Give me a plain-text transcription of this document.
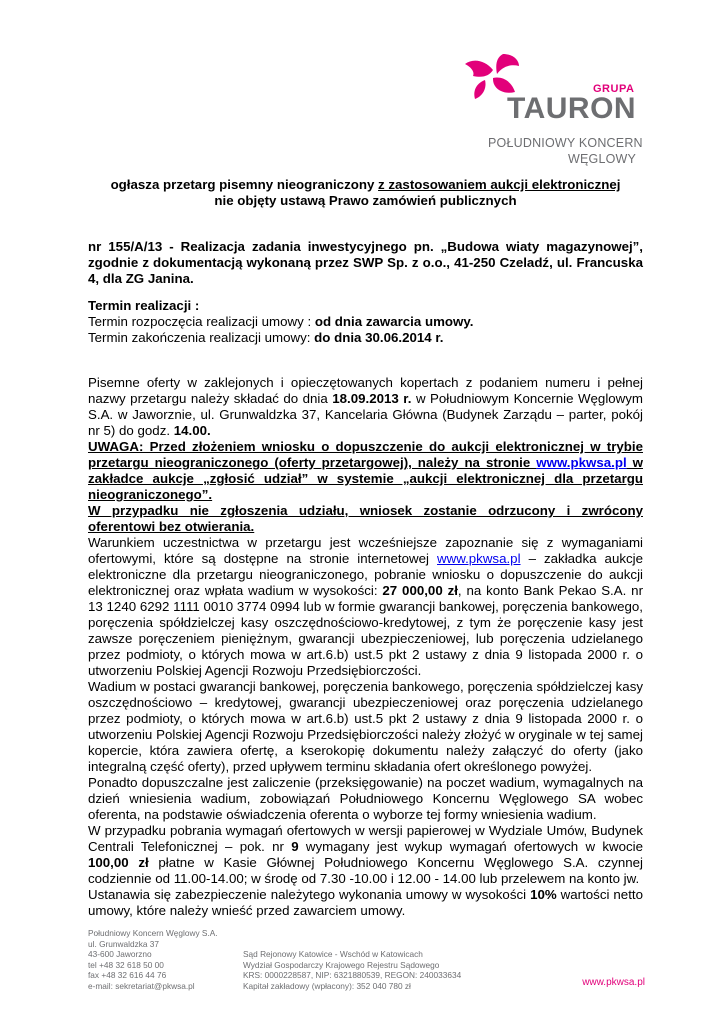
GRUPA
TAURON
POŁUDNIOWY KONCERN
WĘGLOWY

ogłasza przetarg pisemny nieograniczony z zastosowaniem aukcji elektronicznej

nie objęty ustawą Prawo zamówień publicznych

nr 155/A/13 - Realizacja zadania inwestycyjnego pn. „Budowa wiaty magazynowej”, zgodnie z dokumentacją wykonaną przez SWP Sp. z o.o., 41-250 Czeladź, ul. Francuska 4, dla ZG Janina.

Termin realizacji :

Termin rozpoczęcia realizacji umowy : od dnia zawarcia umowy.

Termin zakończenia realizacji umowy: do dnia 30.06.2014 r.

Pisemne oferty w zaklejonych i opieczętowanych kopertach z podaniem numeru i pełnej nazwy przetargu należy składać do dnia 18.09.2013 r. w Południowym Koncernie Węglowym S.A. w Jaworznie, ul. Grunwaldzka 37, Kancelaria Główna (Budynek Zarządu – parter, pokój nr 5) do godz. 14.00.

UWAGA: Przed złożeniem wniosku o dopuszczenie do aukcji elektronicznej w trybie przetargu nieograniczonego (oferty przetargowej), należy na stronie www.pkwsa.pl w zakładce aukcje „zgłosić udział” w systemie „aukcji elektronicznej dla przetargu nieograniczonego”.

W przypadku nie zgłoszenia udziału, wniosek zostanie odrzucony i zwrócony oferentowi bez otwierania.

Warunkiem uczestnictwa w przetargu jest wcześniejsze zapoznanie się z wymaganiami ofertowymi, które są dostępne na stronie internetowej www.pkwsa.pl – zakładka aukcje elektroniczne dla przetargu nieograniczonego, pobranie wniosku o dopuszczenie do aukcji elektronicznej oraz wpłata wadium w wysokości: 27 000,00 zł, na konto Bank Pekao S.A. nr 13 1240 6292 1111 0010 3774 0994 lub w formie gwarancji bankowej, poręczenia bankowego, poręczenia spółdzielczej kasy oszczędnościowo-kredytowej, z tym że poręczenie kasy jest zawsze poręczeniem pieniężnym, gwarancji ubezpieczeniowej, lub poręczenia udzielanego przez podmioty, o których mowa w art.6.b) ust.5 pkt 2 ustawy z dnia 9 listopada 2000 r. o utworzeniu Polskiej Agencji Rozwoju Przedsiębiorczości.

Wadium w postaci gwarancji bankowej, poręczenia bankowego, poręczenia spółdzielczej kasy oszczędnościowo – kredytowej, gwarancji ubezpieczeniowej oraz poręczenia udzielanego przez podmioty, o których mowa w art.6.b) ust.5 pkt 2 ustawy z dnia 9 listopada 2000 r. o utworzeniu Polskiej Agencji Rozwoju Przedsiębiorczości należy złożyć w oryginale w tej samej kopercie, która zawiera ofertę, a kserokopię dokumentu należy załączyć do oferty (jako integralną część oferty), przed upływem terminu składania ofert określonego powyżej.

Ponadto dopuszczalne jest zaliczenie (przeksięgowanie) na poczet wadium, wymagalnych na dzień wniesienia wadium, zobowiązań Południowego Koncernu Węglowego SA wobec oferenta, na podstawie oświadczenia oferenta o wyborze tej formy wniesienia wadium.

W przypadku pobrania wymagań ofertowych w wersji papierowej w Wydziale Umów, Budynek Centrali Telefonicznej – pok. nr 9 wymagany jest wykup wymagań ofertowych w kwocie 100,00 zł płatne w Kasie Głównej Południowego Koncernu Węglowego S.A. czynnej codziennie od 11.00-14.00; w środę od 7.30 -10.00 i 12.00 - 14.00 lub przelewem na konto jw.

Ustanawia się zabezpieczenie należytego wykonania umowy w wysokości 10% wartości netto umowy, które należy wnieść przed zawarciem umowy.

Południowy Koncern Węglowy S.A.
ul. Grunwaldzka 37
43-600 Jaworzno
tel +48 32 618 50 00
fax +48 32 616 44 76
e-mail: sekretariat@pkwsa.pl
Sąd Rejonowy Katowice - Wschód w Katowicach
Wydział Gospodarczy Krajowego Rejestru Sądowego
KRS: 0000228587, NIP: 6321880539, REGON: 240033634
Kapitał zakładowy (wpłacony): 352 040 780 zł	www.pkwsa.pl
